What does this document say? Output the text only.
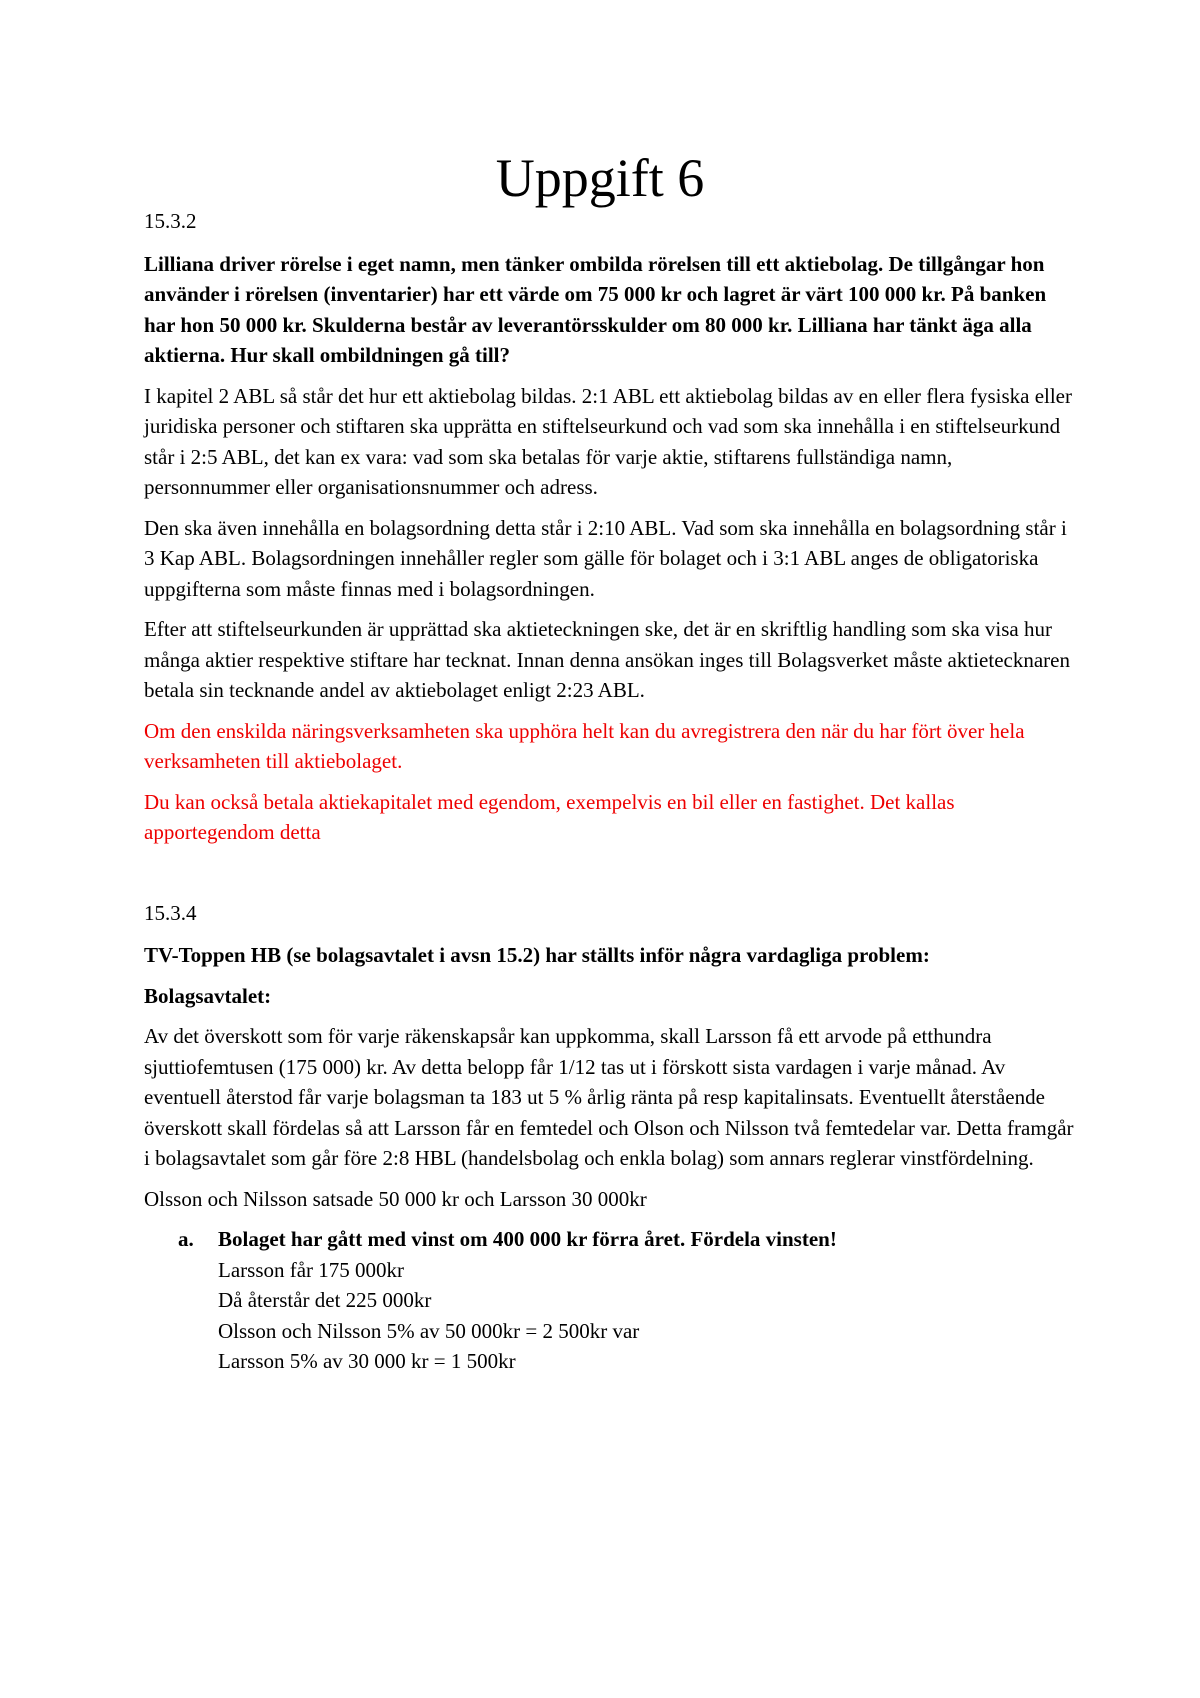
Uppgift 6

15.3.2

Lilliana driver rörelse i eget namn, men tänker ombilda rörelsen till ett aktiebolag. De tillgångar hon använder i rörelsen (inventarier) har ett värde om 75 000 kr och lagret är värt 100 000 kr. På banken har hon 50 000 kr. Skulderna består av leverantörsskulder om 80 000 kr. Lilliana har tänkt äga alla aktierna. Hur skall ombildningen gå till?

I kapitel 2 ABL så står det hur ett aktiebolag bildas. 2:1 ABL ett aktiebolag bildas av en eller flera fysiska eller juridiska personer och stiftaren ska upprätta en stiftelseurkund och vad som ska innehålla i en stiftelseurkund står i 2:5 ABL, det kan ex vara: vad som ska betalas för varje aktie, stiftarens fullständiga namn, personnummer eller organisationsnummer och adress.

Den ska även innehålla en bolagsordning detta står i 2:10 ABL. Vad som ska innehålla en bolagsordning står i 3 Kap ABL. Bolagsordningen innehåller regler som gälle för bolaget och i 3:1 ABL anges de obligatoriska uppgifterna som måste finnas med i bolagsordningen.

Efter att stiftelseurkunden är upprättad ska aktieteckningen ske, det är en skriftlig handling som ska visa hur många aktier respektive stiftare har tecknat. Innan denna ansökan inges till Bolagsverket måste aktietecknaren betala sin tecknande andel av aktiebolaget enligt 2:23 ABL.

Om den enskilda näringsverksamheten ska upphöra helt kan du avregistrera den när du har fört över hela verksamheten till aktiebolaget.

Du kan också betala aktiekapitalet med egendom, exempelvis en bil eller en fastighet. Det kallas apportegendom detta

15.3.4

TV-Toppen HB (se bolagsavtalet i avsn 15.2) har ställts inför några vardagliga problem:

Bolagsavtalet:

Av det överskott som för varje räkenskapsår kan uppkomma, skall Larsson få ett arvode på etthundra sjuttiofemtusen (175 000) kr. Av detta belopp får 1/12 tas ut i förskott sista vardagen i varje månad. Av eventuell återstod får varje bolagsman ta 183 ut 5 % årlig ränta på resp kapitalinsats. Eventuellt återstående överskott skall fördelas så att Larsson får en femtedel och Olson och Nilsson två femtedelar var. Detta framgår i bolagsavtalet som går före 2:8 HBL (handelsbolag och enkla bolag) som annars reglerar vinstfördelning.

Olsson och Nilsson satsade 50 000 kr och Larsson 30 000kr

a. Bolaget har gått med vinst om 400 000 kr förra året. Fördela vinsten!
Larsson får 175 000kr
Då återstår det 225 000kr
Olsson och Nilsson 5% av 50 000kr = 2 500kr var
Larsson 5% av 30 000 kr = 1 500kr
